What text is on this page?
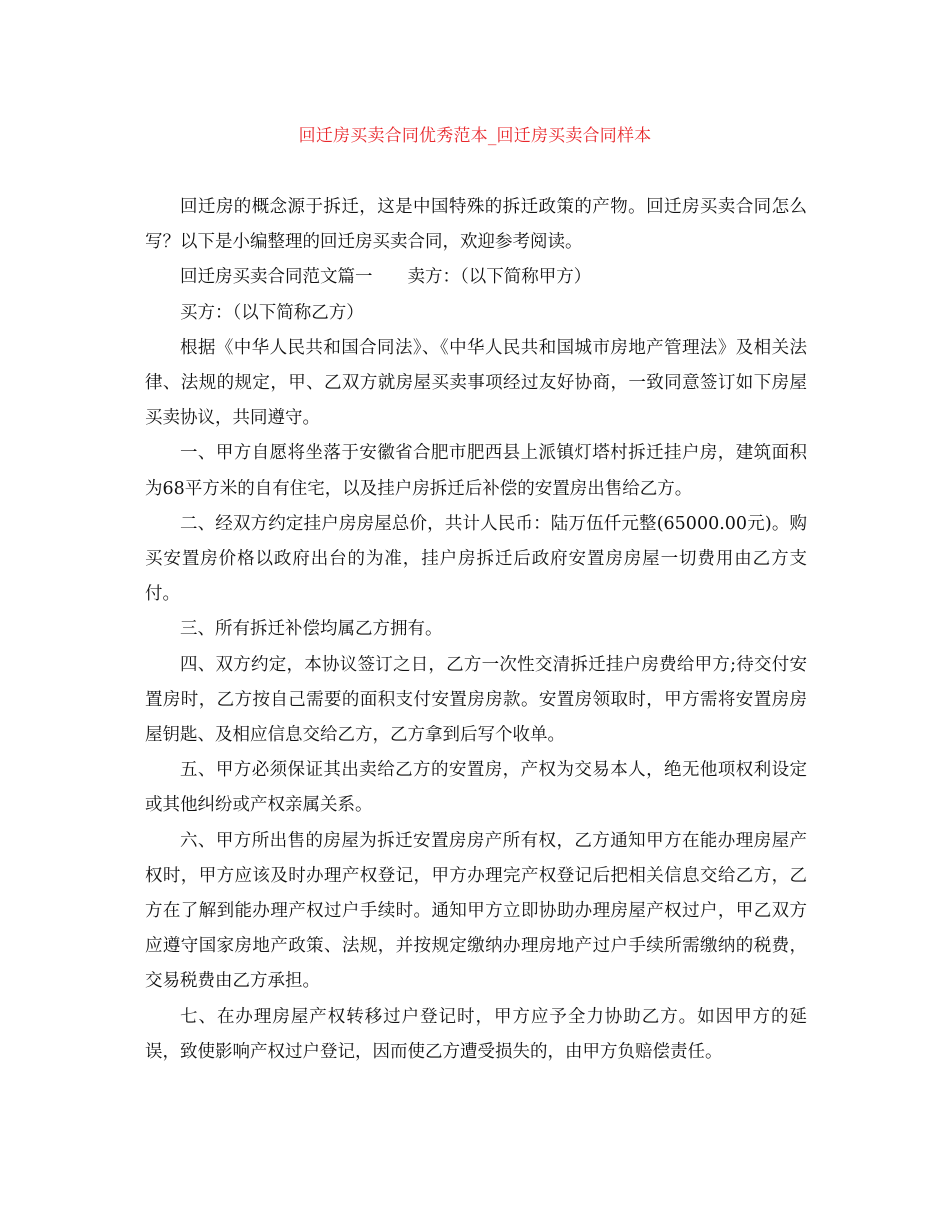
回迁房买卖合同优秀范本_回迁房买卖合同样本

回迁房的概念源于拆迁，这是中国特殊的拆迁政策的产物。回迁房买卖合同怎么写？以下是小编整理的回迁房买卖合同，欢迎参考阅读。

回迁房买卖合同范文篇一　　卖方：（以下简称甲方）

买方：（以下简称乙方）

根据《中华人民共和国合同法》、《中华人民共和国城市房地产管理法》及相关法律、法规的规定，甲、乙双方就房屋买卖事项经过友好协商，一致同意签订如下房屋买卖协议，共同遵守。

一、甲方自愿将坐落于安徽省合肥市肥西县上派镇灯塔村拆迁挂户房，建筑面积为68平方米的自有住宅，以及挂户房拆迁后补偿的安置房出售给乙方。

二、经双方约定挂户房房屋总价，共计人民币：陆万伍仟元整(65000.00元)。购买安置房价格以政府出台的为准，挂户房拆迁后政府安置房房屋一切费用由乙方支付。

三、所有拆迁补偿均属乙方拥有。

四、双方约定，本协议签订之日，乙方一次性交清拆迁挂户房费给甲方;待交付安置房时，乙方按自己需要的面积支付安置房房款。安置房领取时，甲方需将安置房房屋钥匙、及相应信息交给乙方，乙方拿到后写个收单。

五、甲方必须保证其出卖给乙方的安置房，产权为交易本人，绝无他项权利设定或其他纠纷或产权亲属关系。

六、甲方所出售的房屋为拆迁安置房房产所有权，乙方通知甲方在能办理房屋产权时，甲方应该及时办理产权登记，甲方办理完产权登记后把相关信息交给乙方，乙方在了解到能办理产权过户手续时。通知甲方立即协助办理房屋产权过户，甲乙双方应遵守国家房地产政策、法规，并按规定缴纳办理房地产过户手续所需缴纳的税费，交易税费由乙方承担。

七、在办理房屋产权转移过户登记时，甲方应予全力协助乙方。如因甲方的延误，致使影响产权过户登记，因而使乙方遭受损失的，由甲方负赔偿责任。
